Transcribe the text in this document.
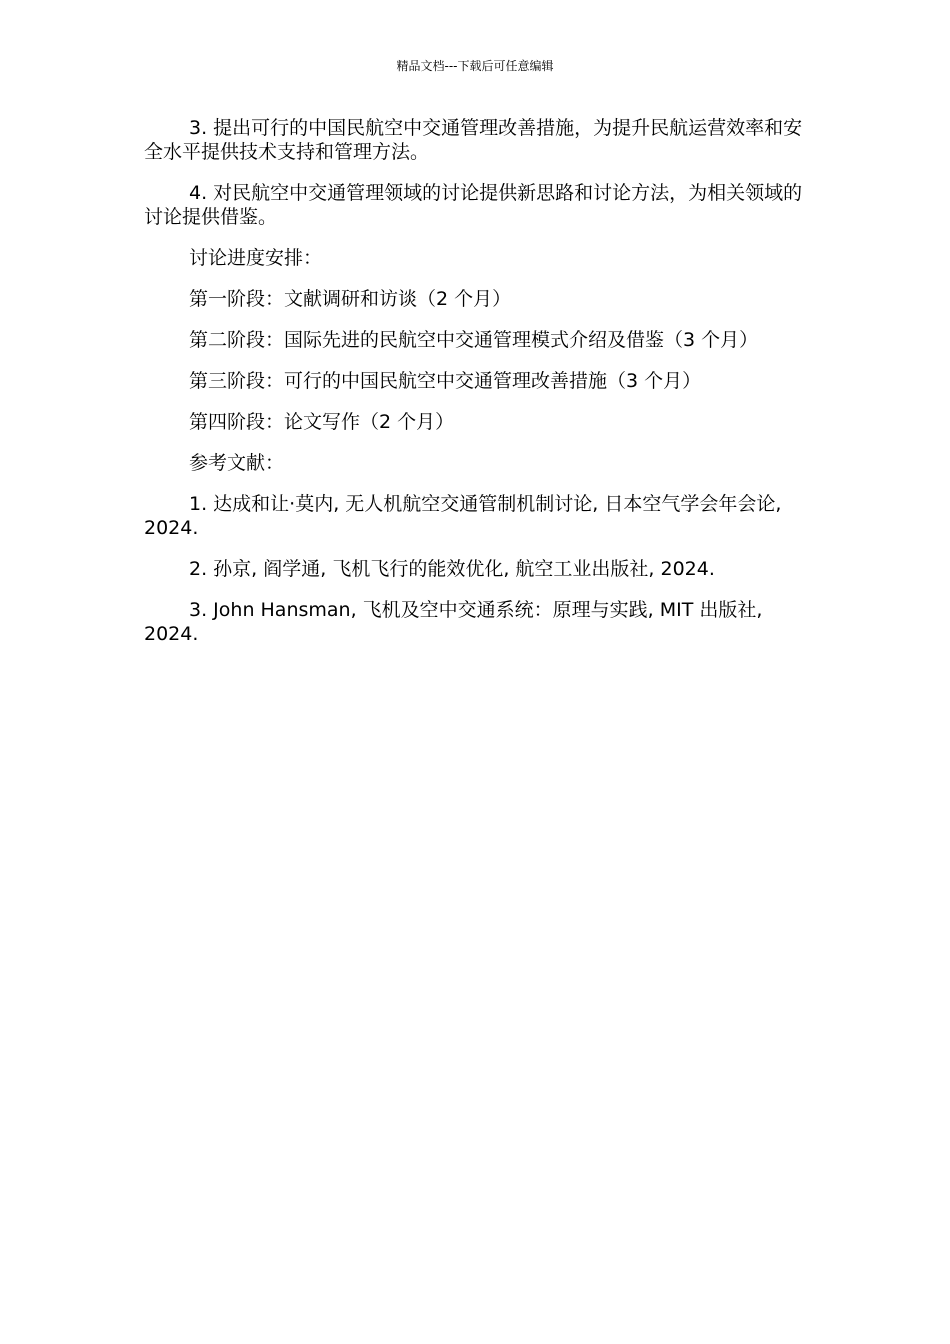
精品文档---下载后可任意编辑

3. 提出可行的中国民航空中交通管理改善措施，为提升民航运营效率和安全水平提供技术支持和管理方法。

4. 对民航空中交通管理领域的讨论提供新思路和讨论方法，为相关领域的讨论提供借鉴。

讨论进度安排：

第一阶段：文献调研和访谈（2 个月）

第二阶段：国际先进的民航空中交通管理模式介绍及借鉴（3 个月）

第三阶段：可行的中国民航空中交通管理改善措施（3 个月）

第四阶段：论文写作（2 个月）

参考文献：

1. 达成和让·莫内, 无人机航空交通管制机制讨论, 日本空气学会年会论, 2024.

2. 孙京, 阎学通, 飞机飞行的能效优化, 航空工业出版社, 2024.

3. John Hansman, 飞机及空中交通系统：原理与实践, MIT 出版社, 2024.
